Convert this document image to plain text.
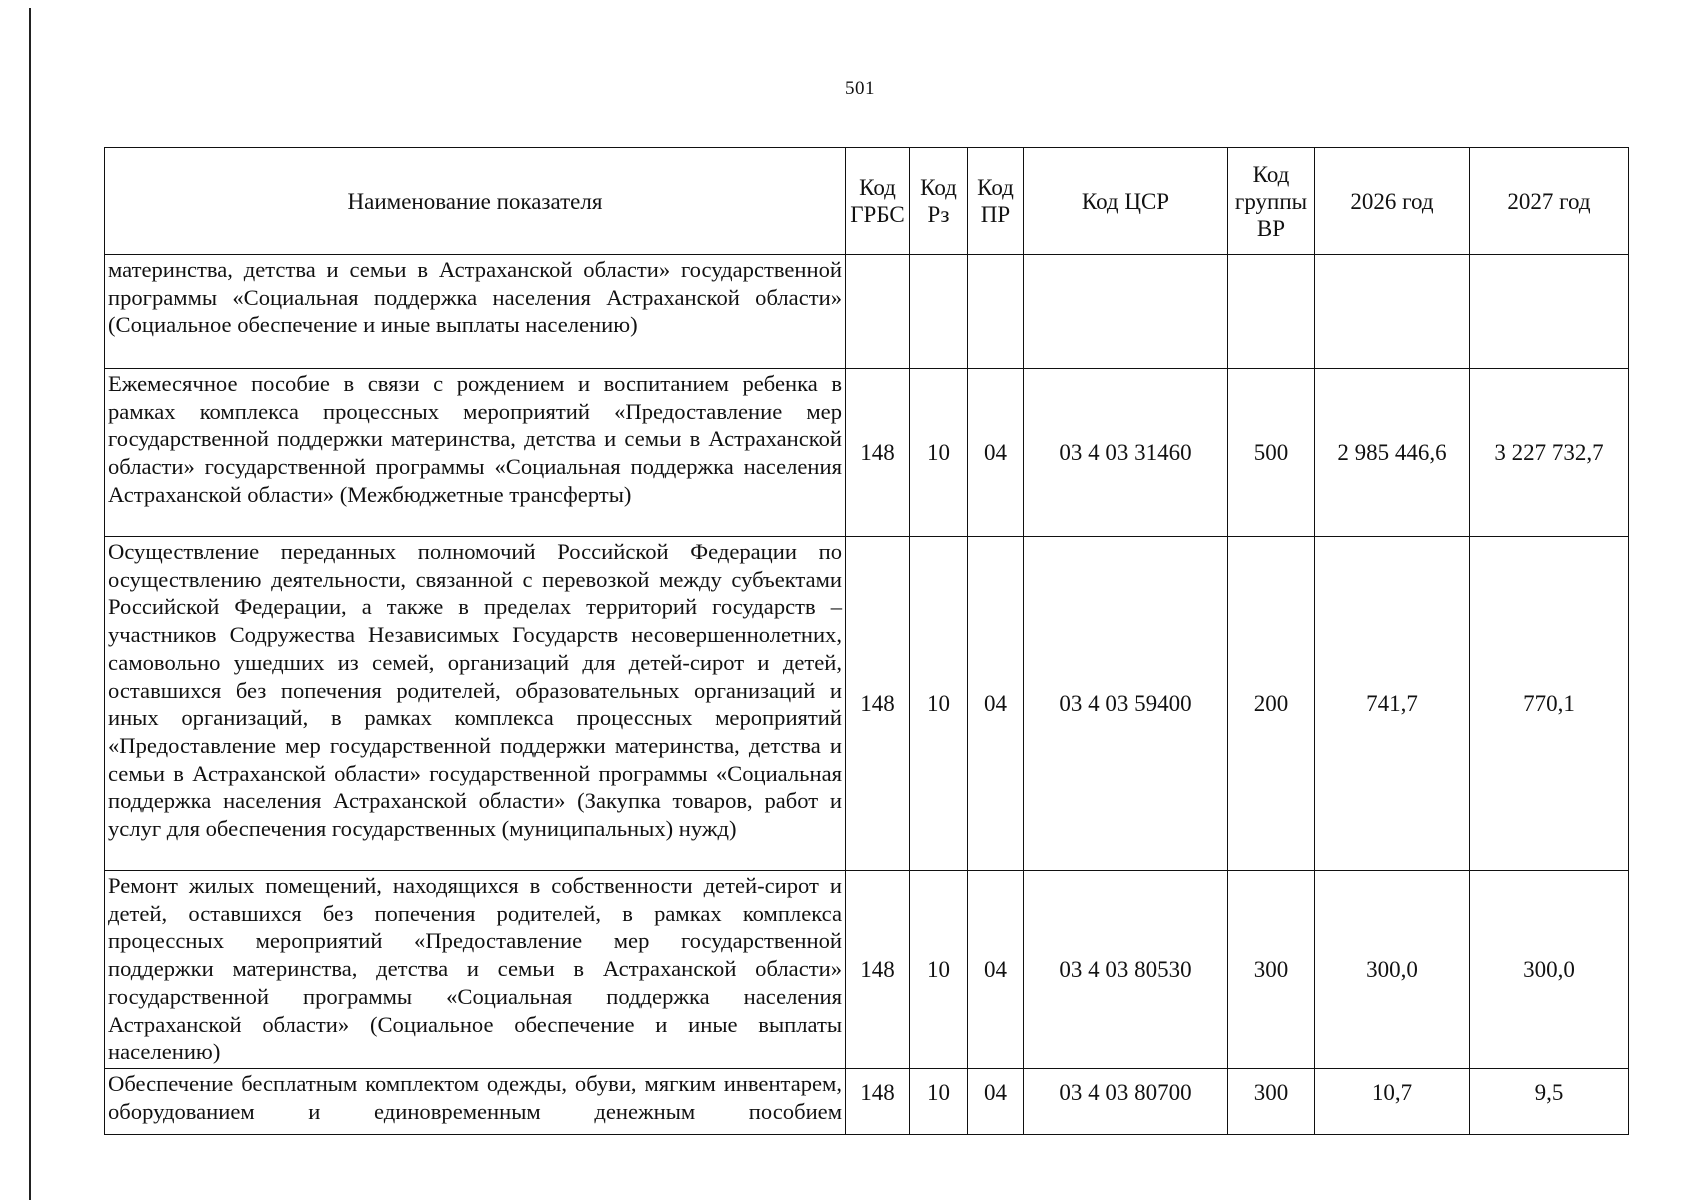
501
Наименование показателя	Код ГРБС	Код Рз	Код ПР	Код ЦСР	Код группы ВР	2026 год	2027 год
материнства, детства и семьи в Астраханской области» государственной программы «Социальная поддержка населения Астраханской области» (Социальное обеспечение и иные выплаты населению)							
Ежемесячное пособие в связи с рождением и воспитанием ребенка в рамках комплекса процессных мероприятий «Предоставление мер государственной поддержки материнства, детства и семьи в Астраханской области» государственной программы «Социальная поддержка населения Астраханской области» (Межбюджетные трансферты)	148	10	04	03 4 03 31460	500	2 985 446,6	3 227 732,7
Осуществление переданных полномочий Российской Федерации по осуществлению деятельности, связанной с перевозкой между субъектами Российской Федерации, а также в пределах территорий государств – участников Содружества Независимых Государств несовершеннолетних, самовольно ушедших из семей, организаций для детей-сирот и детей, оставшихся без попечения родителей, образовательных организаций и иных организаций, в рамках комплекса процессных мероприятий «Предоставление мер государственной поддержки материнства, детства и семьи в Астраханской области» государственной программы «Социальная поддержка населения Астраханской области» (Закупка товаров, работ и услуг для обеспечения государственных (муниципальных) нужд)	148	10	04	03 4 03 59400	200	741,7	770,1
Ремонт жилых помещений, находящихся в собственности детей-сирот и детей, оставшихся без попечения родителей, в рамках комплекса процессных мероприятий «Предоставление мер государственной поддержки материнства, детства и семьи в Астраханской области» государственной программы «Социальная поддержка населения Астраханской области» (Социальное обеспечение и иные выплаты населению)	148	10	04	03 4 03 80530	300	300,0	300,0
Обеспечение бесплатным комплектом одежды, обуви, мягким инвентарем, оборудованием и единовременным денежным пособием	148	10	04	03 4 03 80700	300	10,7	9,5
